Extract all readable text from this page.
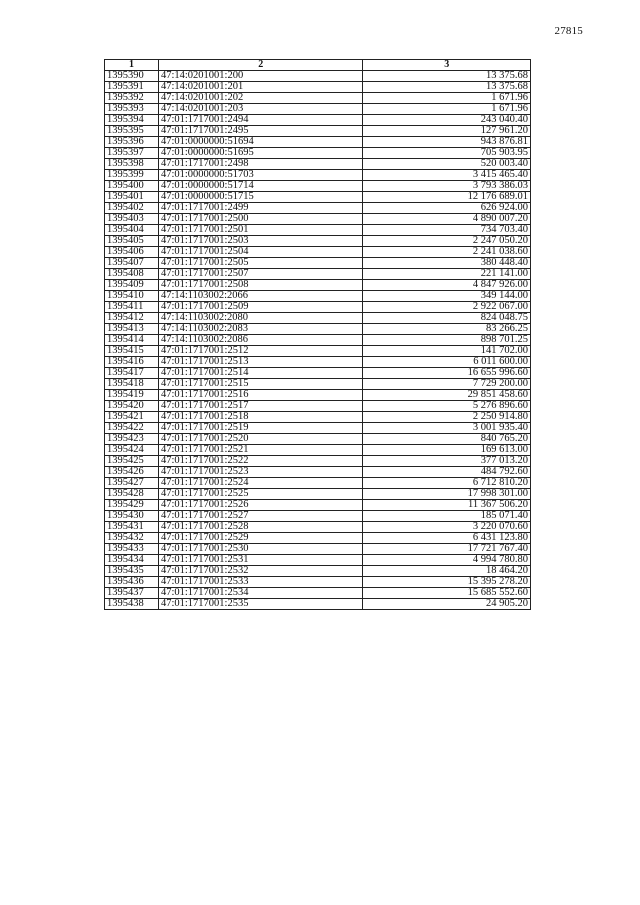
27815
1	2	3
1395390	47:14:0201001:200	13 375.68
1395391	47:14:0201001:201	13 375.68
1395392	47:14:0201001:202	1 671.96
1395393	47:14:0201001:203	1 671.96
1395394	47:01:1717001:2494	243 040.40
1395395	47:01:1717001:2495	127 961.20
1395396	47:01:0000000:51694	943 876.81
1395397	47:01:0000000:51695	705 903.95
1395398	47:01:1717001:2498	520 003.40
1395399	47:01:0000000:51703	3 415 465.40
1395400	47:01:0000000:51714	3 793 386.03
1395401	47:01:0000000:51715	12 176 689.01
1395402	47:01:1717001:2499	626 924.00
1395403	47:01:1717001:2500	4 890 007.20
1395404	47:01:1717001:2501	734 703.40
1395405	47:01:1717001:2503	2 247 050.20
1395406	47:01:1717001:2504	2 241 038.60
1395407	47:01:1717001:2505	380 448.40
1395408	47:01:1717001:2507	221 141.00
1395409	47:01:1717001:2508	4 847 926.00
1395410	47:14:1103002:2066	349 144.00
1395411	47:01:1717001:2509	2 922 067.00
1395412	47:14:1103002:2080	824 048.75
1395413	47:14:1103002:2083	83 266.25
1395414	47:14:1103002:2086	898 701.25
1395415	47:01:1717001:2512	141 702.00
1395416	47:01:1717001:2513	6 011 600.00
1395417	47:01:1717001:2514	16 655 996.60
1395418	47:01:1717001:2515	7 729 200.00
1395419	47:01:1717001:2516	29 851 458.60
1395420	47:01:1717001:2517	5 276 896.60
1395421	47:01:1717001:2518	2 250 914.80
1395422	47:01:1717001:2519	3 001 935.40
1395423	47:01:1717001:2520	840 765.20
1395424	47:01:1717001:2521	169 613.00
1395425	47:01:1717001:2522	377 013.20
1395426	47:01:1717001:2523	484 792.60
1395427	47:01:1717001:2524	6 712 810.20
1395428	47:01:1717001:2525	17 998 301.00
1395429	47:01:1717001:2526	11 367 506.20
1395430	47:01:1717001:2527	185 071.40
1395431	47:01:1717001:2528	3 220 070.60
1395432	47:01:1717001:2529	6 431 123.80
1395433	47:01:1717001:2530	17 721 767.40
1395434	47:01:1717001:2531	4 994 780.80
1395435	47:01:1717001:2532	18 464.20
1395436	47:01:1717001:2533	15 395 278.20
1395437	47:01:1717001:2534	15 685 552.60
1395438	47:01:1717001:2535	24 905.20
